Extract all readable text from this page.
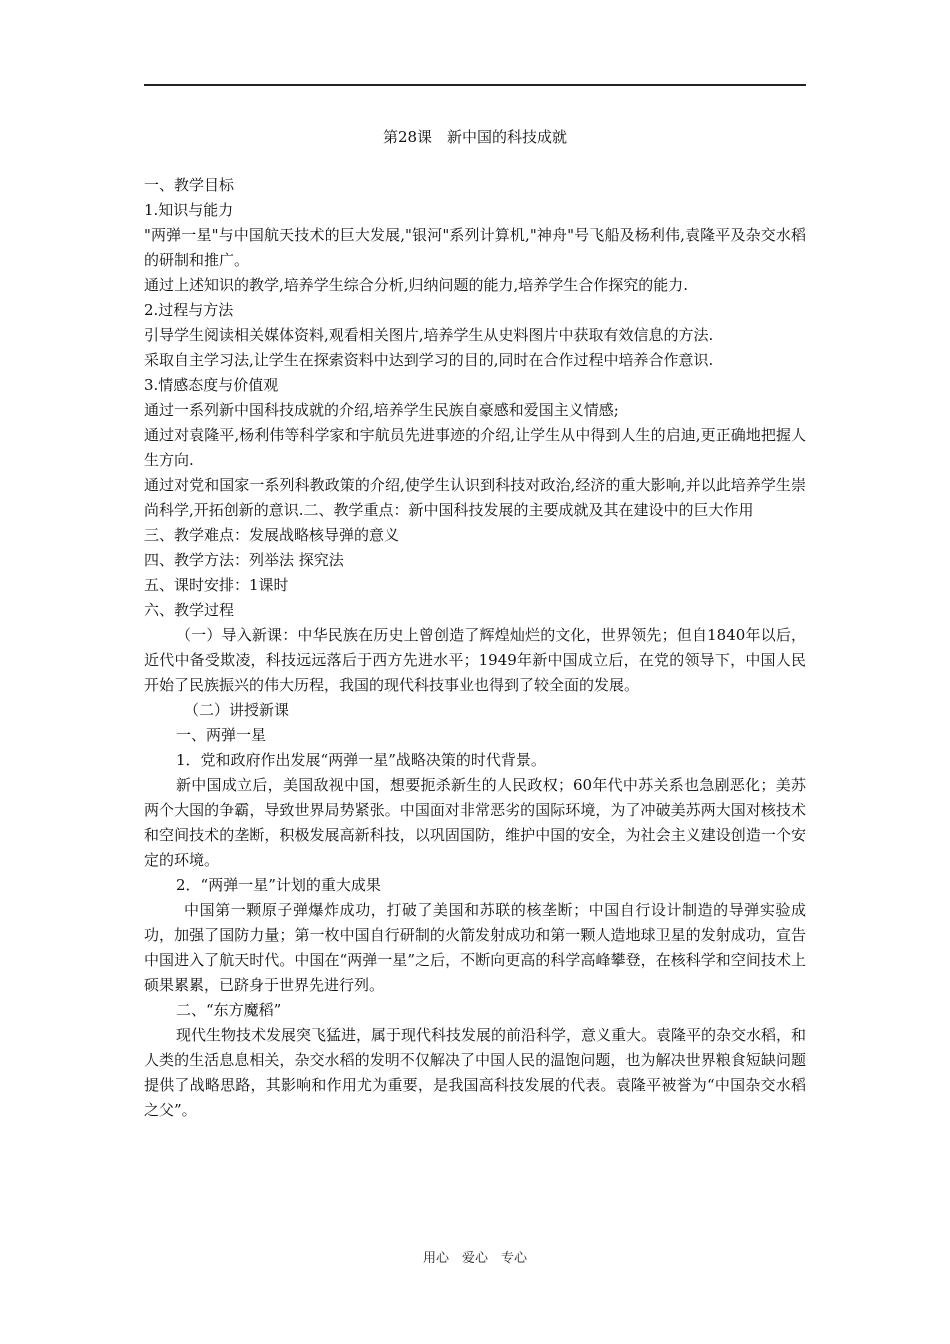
第28课　新中国的科技成就

一、教学目标

1.知识与能力

"两弹一星"与中国航天技术的巨大发展,"银河"系列计算机,"神舟"号飞船及杨利伟,袁隆平及杂交水稻的研制和推广。

通过上述知识的教学,培养学生综合分析,归纳问题的能力,培养学生合作探究的能力.

2.过程与方法

引导学生阅读相关媒体资料,观看相关图片,培养学生从史料图片中获取有效信息的方法.

采取自主学习法,让学生在探索资料中达到学习的目的,同时在合作过程中培养合作意识.

3.情感态度与价值观

通过一系列新中国科技成就的介绍,培养学生民族自豪感和爱国主义情感;

通过对袁隆平,杨利伟等科学家和宇航员先进事迹的介绍,让学生从中得到人生的启迪,更正确地把握人生方向.

通过对党和国家一系列科教政策的介绍,使学生认识到科技对政治,经济的重大影响,并以此培养学生崇尚科学,开拓创新的意识.二、教学重点：新中国科技发展的主要成就及其在建设中的巨大作用

三、教学难点：发展战略核导弹的意义

四、教学方法：列举法 探究法

五、课时安排：1课时

六、教学过程

（一）导入新课：中华民族在历史上曾创造了辉煌灿烂的文化，世界领先；但自1840年以后，近代中备受欺凌，科技远远落后于西方先进水平；1949年新中国成立后，在党的领导下，中国人民开始了民族振兴的伟大历程，我国的现代科技事业也得到了较全面的发展。

（二）讲授新课

一、两弹一星

1．党和政府作出发展“两弹一星”战略决策的时代背景。

新中国成立后，美国敌视中国，想要扼杀新生的人民政权；60年代中苏关系也急剧恶化；美苏两个大国的争霸，导致世界局势紧张。中国面对非常恶劣的国际环境，为了冲破美苏两大国对核技术和空间技术的垄断，积极发展高新科技，以巩固国防，维护中国的安全，为社会主义建设创造一个安定的环境。

2．“两弹一星”计划的重大成果

中国第一颗原子弹爆炸成功，打破了美国和苏联的核垄断；中国自行设计制造的导弹实验成功，加强了国防力量；第一枚中国自行研制的火箭发射成功和第一颗人造地球卫星的发射成功，宣告中国进入了航天时代。中国在“两弹一星”之后，不断向更高的科学高峰攀登，在核科学和空间技术上硕果累累，已跻身于世界先进行列。

二、“东方魔稻”

现代生物技术发展突飞猛进，属于现代科技发展的前沿科学，意义重大。袁隆平的杂交水稻，和人类的生活息息相关，杂交水稻的发明不仅解决了中国人民的温饱问题，也为解决世界粮食短缺问题提供了战略思路，其影响和作用尤为重要，是我国高科技发展的代表。袁隆平被誉为“中国杂交水稻之父”。

用心　爱心　专心
